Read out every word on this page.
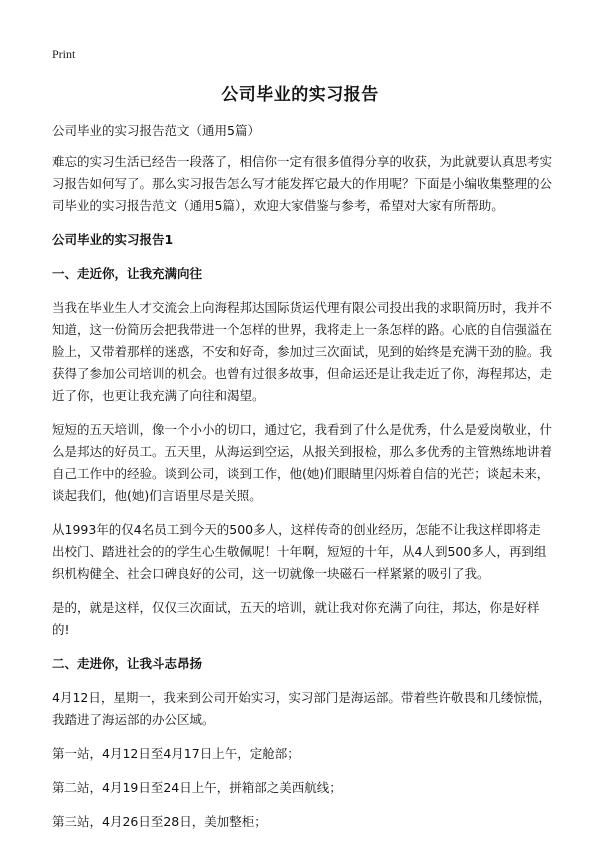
Print
公司毕业的实习报告

公司毕业的实习报告范文（通用5篇）

难忘的实习生活已经告一段落了，相信你一定有很多值得分享的收获，为此就要认真思考实习报告如何写了。那么实习报告怎么写才能发挥它最大的作用呢？下面是小编收集整理的公司毕业的实习报告范文（通用5篇），欢迎大家借鉴与参考，希望对大家有所帮助。

公司毕业的实习报告1

一、走近你，让我充满向往

当我在毕业生人才交流会上向海程邦达国际货运代理有限公司投出我的求职简历时，我并不知道，这一份简历会把我带进一个怎样的世界，我将走上一条怎样的路。心底的自信强溢在脸上，又带着那样的迷惑，不安和好奇，参加过三次面试，见到的始终是充满干劲的脸。我获得了参加公司培训的机会。也曾有过很多故事，但命运还是让我走近了你，海程邦达，走近了你，也更让我充满了向往和渴望。

短短的五天培训，像一个小小的切口，通过它，我看到了什么是优秀，什么是爱岗敬业，什么是邦达的好员工。五天里，从海运到空运，从报关到报检，那么多优秀的主管熟练地讲着自己工作中的经验。谈到公司，谈到工作，他(她)们眼睛里闪烁着自信的光芒；谈起未来，谈起我们，他(她)们言语里尽是关照。

从1993年的仅4名员工到今天的500多人，这样传奇的创业经历，怎能不让我这样即将走出校门、踏进社会的的学生心生敬佩呢！十年啊，短短的十年，从4人到500多人，再到组织机构健全、社会口碑良好的公司，这一切就像一块磁石一样紧紧的吸引了我。

是的，就是这样，仅仅三次面试，五天的培训，就让我对你充满了向往，邦达，你是好样的!

二、走进你，让我斗志昂扬

4月12日，星期一，我来到公司开始实习，实习部门是海运部。带着些许敬畏和几缕惊慌，我踏进了海运部的办公区域。

第一站，4月12日至4月17日上午，定舱部；

第二站，4月19日至24日上午，拼箱部之美西航线；

第三站，4月26日至28日，美加整柜；
